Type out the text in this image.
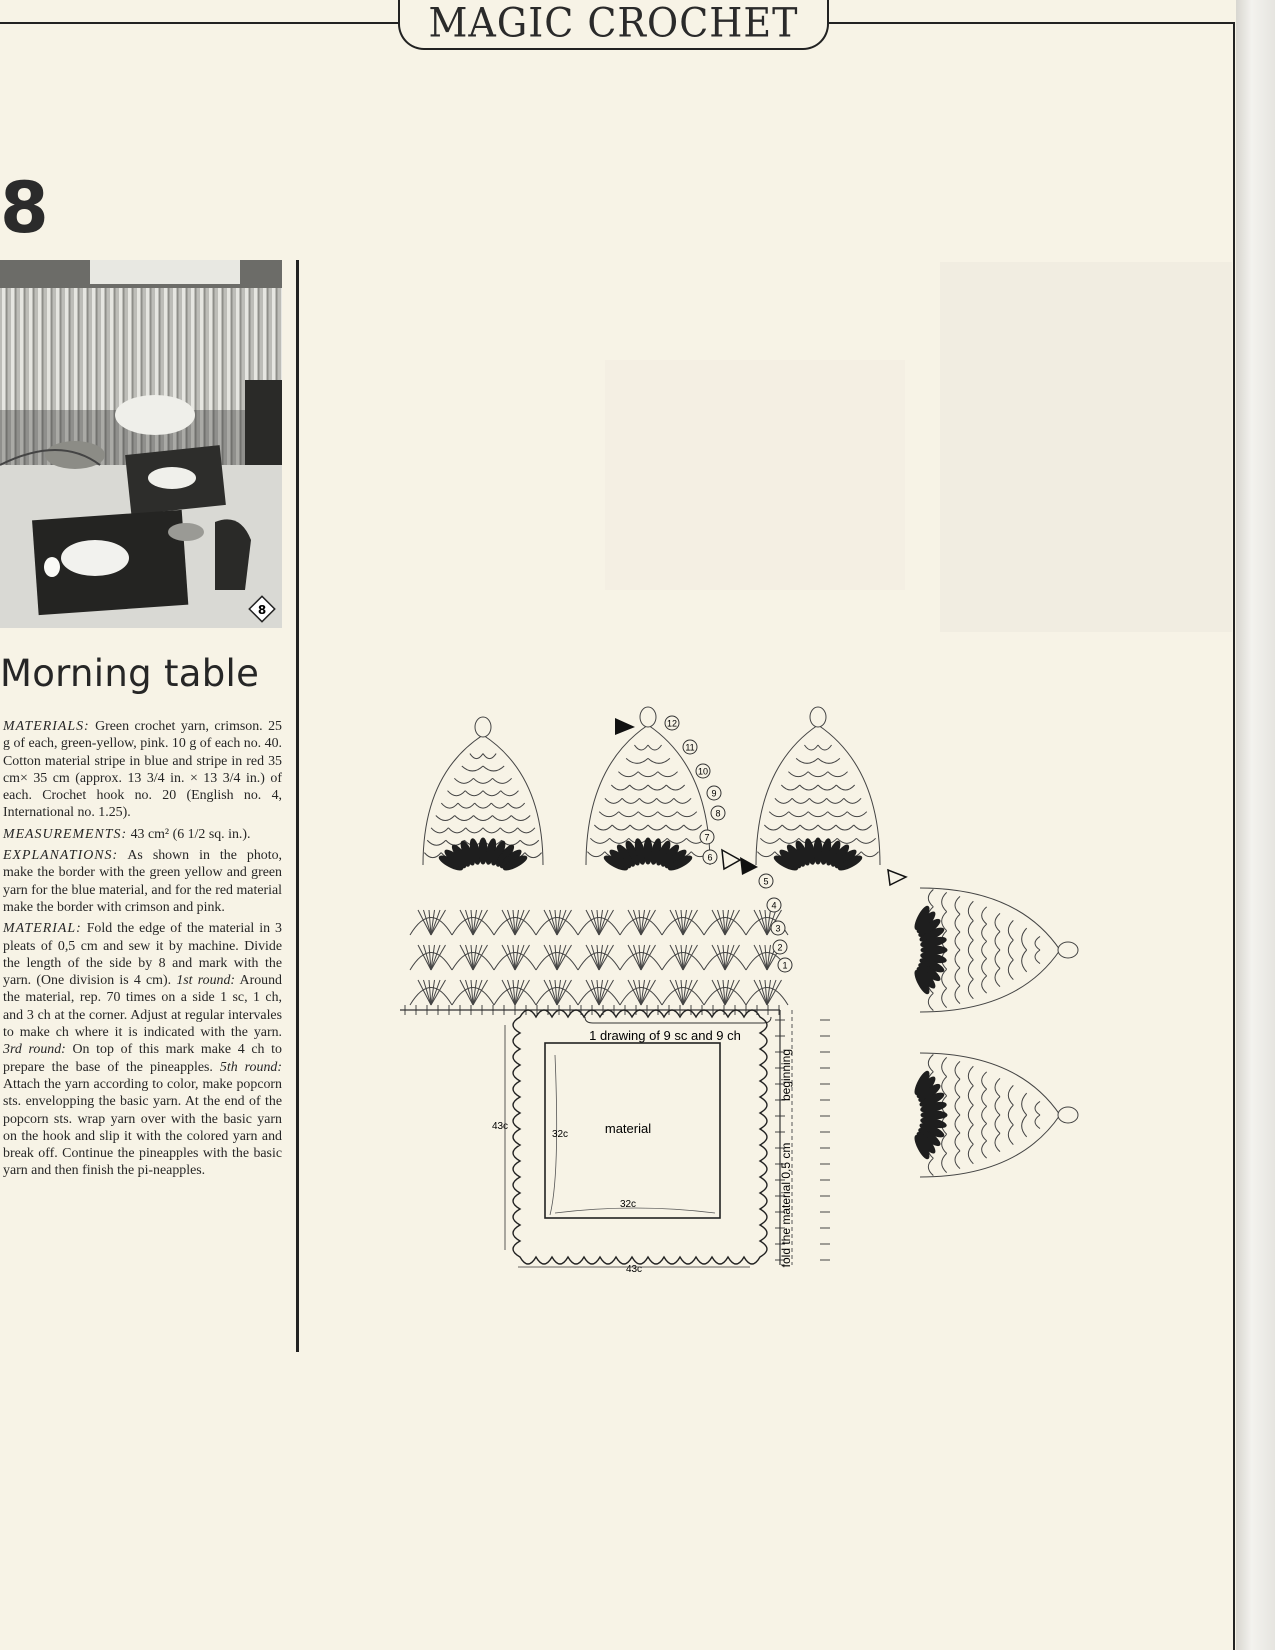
MAGIC CROCHET
8
8
Morning table

MATERIALS: Green crochet yarn, crimson. 25 g of each, green-yellow, pink. 10 g of each no. 40. Cotton material stripe in blue and stripe in red 35 cm× 35 cm (approx. 13 3/4 in. × 13 3/4 in.) of each. Crochet hook no. 20 (English no. 4, International no. 1.25).

MEASUREMENTS: 43 cm² (6 1/2 sq. in.).

EXPLANATIONS: As shown in the photo, make the border with the green yellow and green yarn for the blue material, and for the red material make the border with crimson and pink.

MATERIAL: Fold the edge of the material in 3 pleats of 0,5 cm and sew it by machine. Divide the length of the side by 8 and mark with the yarn. (One division is 4 cm). 1st round: Around the material, rep. 70 times on a side 1 sc, 1 ch, and 3 ch at the corner. Adjust at regular intervales to make ch where it is indicated with the yarn. 3rd round: On top of this mark make 4 ch to prepare the base of the pineapples. 5th round: Attach the yarn according to color, make popcorn sts. envelopping the basic yarn. At the end of the popcorn sts. wrap yarn over with the basic yarn on the hook and slip it with the colored yarn and break off. Continue the pineapples with the basic yarn and then finish the pi-neapples.

1
2
3
4
5
6
7
8
9
10
11
12
1 drawing of 9 sc and 9 ch
beginning
fold the material 0,5 cm
material
43c
32c
32c
43c
